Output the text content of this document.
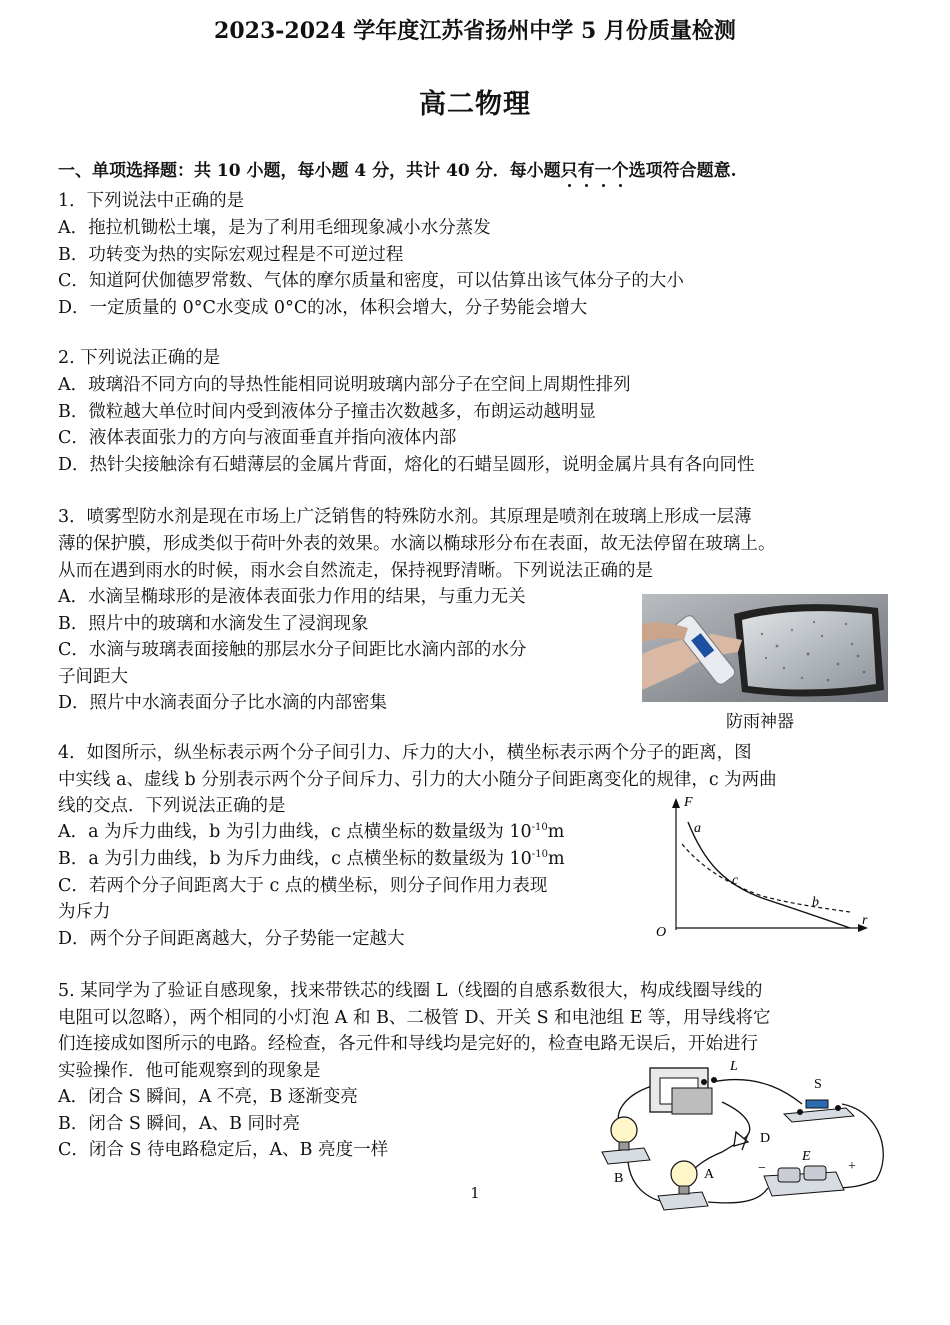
2023-2024 学年度江苏省扬州中学 5 月份质量检测
高二物理
一、单项选择题：共 10 小题，每小题 4 分，共计 40 分．每小题只有一个选项符合题意.
1．下列说法中正确的是
A．拖拉机锄松土壤，是为了利用毛细现象减小水分蒸发
B．功转变为热的实际宏观过程是不可逆过程
C．知道阿伏伽德罗常数、气体的摩尔质量和密度，可以估算出该气体分子的大小
D．一定质量的 0°C水变成 0°C的冰，体积会增大，分子势能会增大
2. 下列说法正确的是
A．玻璃沿不同方向的导热性能相同说明玻璃内部分子在空间上周期性排列
B．微粒越大单位时间内受到液体分子撞击次数越多，布朗运动越明显
C．液体表面张力的方向与液面垂直并指向液体内部
D．热针尖接触涂有石蜡薄层的金属片背面，熔化的石蜡呈圆形，说明金属片具有各向同性
3．喷雾型防水剂是现在市场上广泛销售的特殊防水剂。其原理是喷剂在玻璃上形成一层薄
薄的保护膜，形成类似于荷叶外表的效果。水滴以椭球形分布在表面，故无法停留在玻璃上。
从而在遇到雨水的时候，雨水会自然流走，保持视野清晰。下列说法正确的是
A．水滴呈椭球形的是液体表面张力作用的结果，与重力无关
B．照片中的玻璃和水滴发生了浸润现象
C．水滴与玻璃表面接触的那层水分子间距比水滴内部的水分
子间距大
D．照片中水滴表面分子比水滴的内部密集
防雨神器
4．如图所示，纵坐标表示两个分子间引力、斥力的大小，横坐标表示两个分子的距离，图
中实线 a、虚线 b 分别表示两个分子间斥力、引力的大小随分子间距离变化的规律，c 为两曲
线的交点．下列说法正确的是
A．a 为斥力曲线，b 为引力曲线，c 点横坐标的数量级为 $10^{-10}m$
B．a 为引力曲线，b 为斥力曲线，c 点横坐标的数量级为 $10^{-10}m$
C．若两个分子间距离大于 c 点的横坐标，则分子间作用力表现
为斥力
D．两个分子间距离越大，分子势能一定越大
F
r
O
a
b
c
5. 某同学为了验证自感现象，找来带铁芯的线圈 L（线圈的自感系数很大，构成线圈导线的
电阻可以忽略），两个相同的小灯泡 A 和 B、二极管 D、开关 S 和电池组 E 等，用导线将它
们连接成如图所示的电路。经检查，各元件和导线均是完好的，检查电路无误后，开始进行
实验操作．他可能观察到的现象是
A．闭合 S 瞬间，A 不亮，B 逐渐变亮
B．闭合 S 瞬间，A、B 同时亮
C．闭合 S 待电路稳定后，A、B 亮度一样
L
S
D
−
E
+
B	A
1
